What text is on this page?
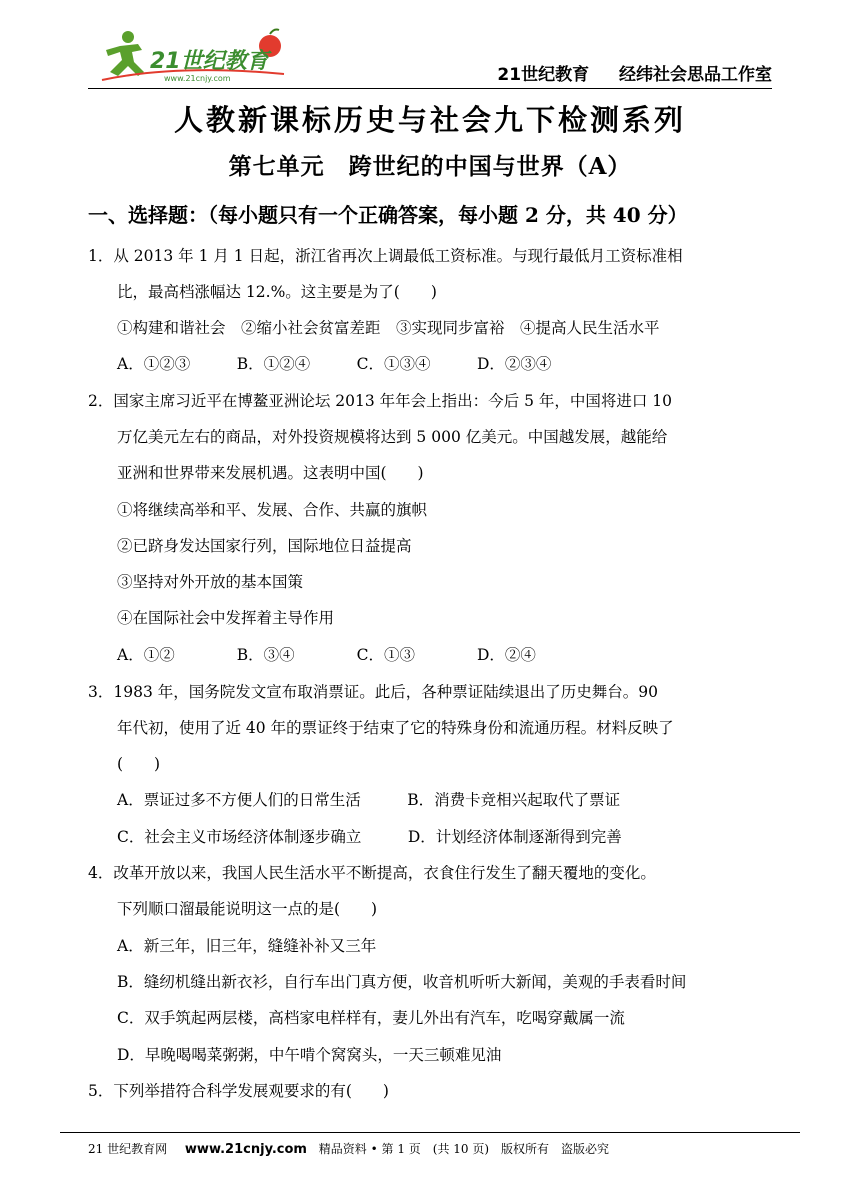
21世纪教育
www.21cnjy.com	21世纪教育 经纬社会思品工作室
人教新课标历史与社会九下检测系列
第七单元　跨世纪的中国与世界（A）
一、选择题：（每小题只有一个正确答案，每小题 2 分，共 40 分）
1．从 2013 年 1 月 1 日起，浙江省再次上调最低工资标准。与现行最低月工资标准相
比，最高档涨幅达 12.%。这主要是为了(　　)
①构建和谐社会　②缩小社会贫富差距　③实现同步富裕　④提高人民生活水平
A．①②③　　　B．①②④　　　C．①③④　　　D．②③④
2．国家主席习近平在博鳌亚洲论坛 2013 年年会上指出：今后 5 年，中国将进口 10
万亿美元左右的商品，对外投资规模将达到 5 000 亿美元。中国越发展，越能给
亚洲和世界带来发展机遇。这表明中国(　　)
①将继续高举和平、发展、合作、共赢的旗帜
②已跻身发达国家行列，国际地位日益提高
③坚持对外开放的基本国策
④在国际社会中发挥着主导作用
A．①②　　　　B．③④　　　　C．①③　　　　D．②④
3．1983 年，国务院发文宣布取消票证。此后，各种票证陆续退出了历史舞台。90
年代初，使用了近 40 年的票证终于结束了它的特殊身份和流通历程。材料反映了
(　　)
A．票证过多不方便人们的日常生活　　　B．消费卡竞相兴起取代了票证
C．社会主义市场经济体制逐步确立　　　D．计划经济体制逐渐得到完善
4．改革开放以来，我国人民生活水平不断提高，衣食住行发生了翻天覆地的变化。
下列顺口溜最能说明这一点的是(　　)
A．新三年，旧三年，缝缝补补又三年
B．缝纫机缝出新衣衫，自行车出门真方便，收音机听听大新闻，美观的手表看时间
C．双手筑起两层楼，高档家电样样有，妻儿外出有汽车，吃喝穿戴属一流
D．早晚喝喝菜粥粥，中午啃个窝窝头，一天三顿难见油
5．下列举措符合科学发展观要求的有(　　)
21 世纪教育网 www.21cnjy.com 精品资料 • 第 1 页　(共 10 页)　版权所有　盗版必究
